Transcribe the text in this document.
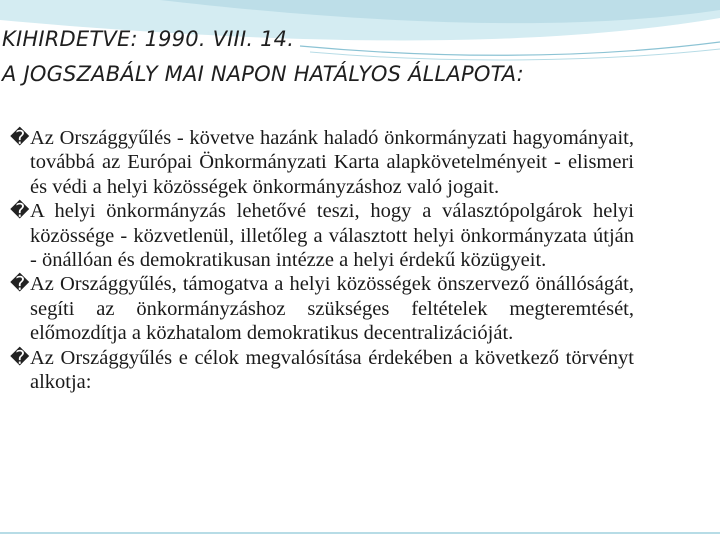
KIHIRDETVE: 1990. VIII. 14.
A JOGSZABÁLY MAI NAPON HATÁLYOS ÁLLAPOTA:

� Az Országgyűlés - követve hazánk haladó önkormányzati hagyományait, továbbá az Európai Önkormányzati Karta alapkövetelményeit - elismeri és védi a helyi közösségek önkormányzáshoz való jogait.

� A helyi önkormányzás lehetővé teszi, hogy a választópolgárok helyi közössége - közvetlenül, illetőleg a választott helyi önkormányzata útján - önállóan és demokratikusan intézze a helyi érdekű közügyeit.

� Az Országgyűlés, támogatva a helyi közösségek önszervező önállóságát, segíti az önkormányzáshoz szükséges feltételek megteremtését, előmozdítja a közhatalom demokratikus decentralizációját.

� Az Országgyűlés e célok megvalósítása érdekében a következő törvényt alkotja:
